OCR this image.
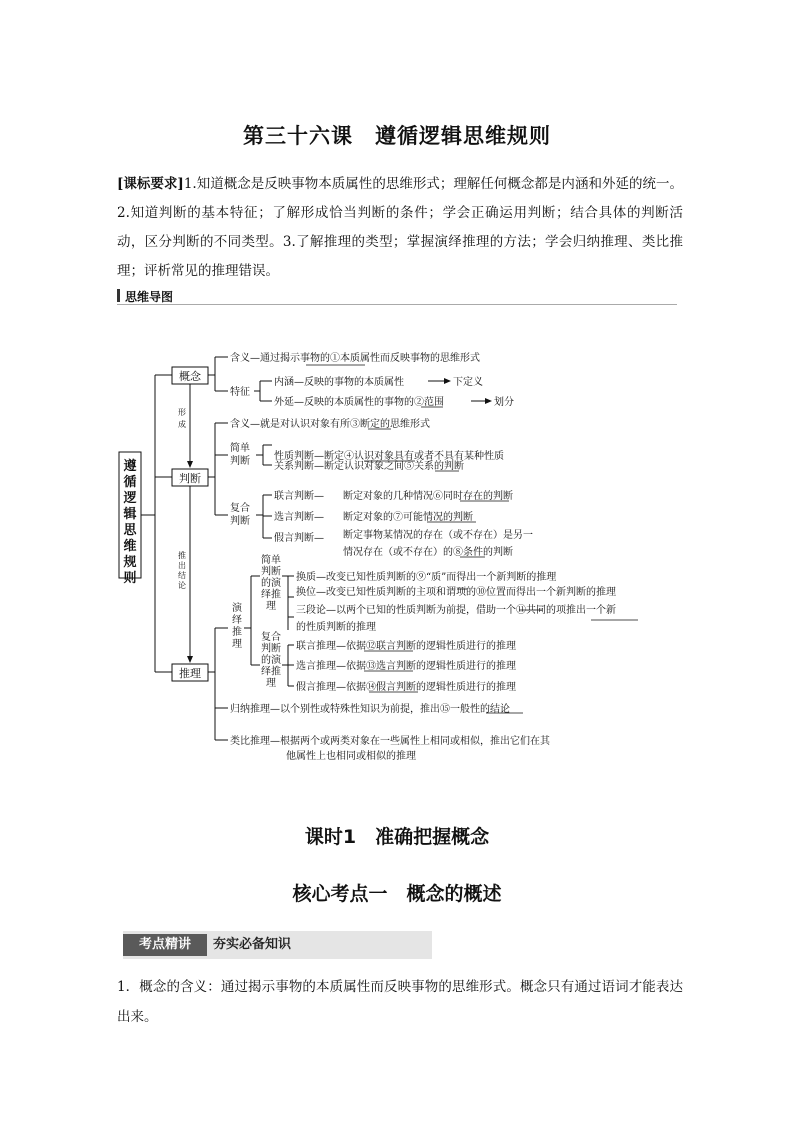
第三十六课　遵循逻辑思维规则
[课标要求]1.知道概念是反映事物本质属性的思维形式；理解任何概念都是内涵和外延的统一。2.知道判断的基本特征；了解形成恰当判断的条件；学会正确运用判断；结合具体的判断活动，区分判断的不同类型。3.了解推理的类型；掌握演绎推理的方法；学会归纳推理、类比推理；评析常见的推理错误。
思维导图
遵循逻辑思维规则
概念
判断
推理
形成
推出结论
含义—通过揭示事物的①本质属性而反映事物的思维形式
特征
内涵—反映的事物的本质属性	下定义
外延—反映的本质属性的事物的②范围	划分
含义—就是对认识对象有所③断定的思维形式
简单判断 性质判断—断定④认识对象具有或者不具有某种性质
关系判断—断定认识对象之间⑤关系的判断
复合判断
联言判断— 断定对象的几种情况⑥同时存在的判断
选言判断— 断定对象的⑦可能情况的判断
假言判断— 断定事物某情况的存在（或不存在）是另一
情况存在（或不存在）的⑧条件的判断
演绎推理
简单判断的演绎推理
复合判断的演绎推理
换质—改变已知性质判断的⑨“质”而得出一个新判断的推理
换位—改变已知性质判断的主项和谓项的⑩位置而得出一个新判断的推理
三段论—以两个已知的性质判断为前提，借助一个⑪共同的项推出一个新
的性质判断的推理
联言推理—依据⑫联言判断的逻辑性质进行的推理
选言推理—依据⑬选言判断的逻辑性质进行的推理
假言推理—依据⑭假言判断的逻辑性质进行的推理
归纳推理—以个别性或特殊性知识为前提，推出⑮一般性的结论
类比推理—根据两个或两类对象在一些属性上相同或相似，推出它们在其
他属性上也相同或相似的推理
课时1　准确把握概念
核心考点一　概念的概述
考点精讲	夯实必备知识
1．概念的含义：通过揭示事物的本质属性而反映事物的思维形式。概念只有通过语词才能表达出来。
